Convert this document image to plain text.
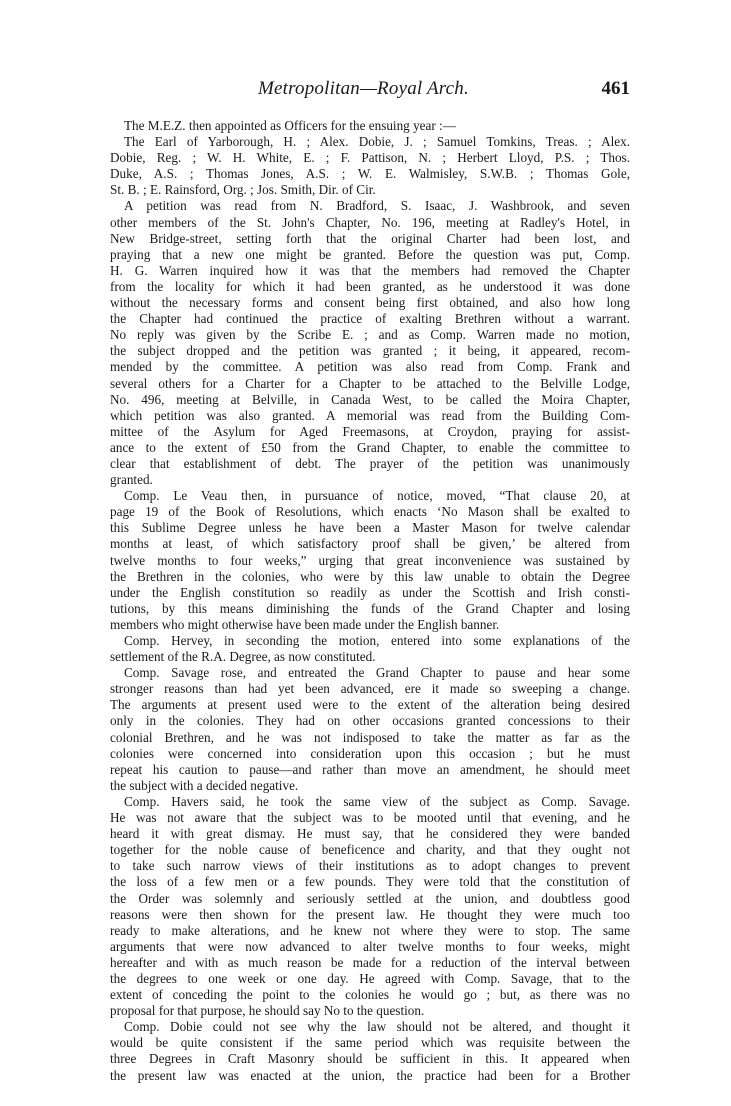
Metropolitan—Royal Arch.	461
The M.E.Z. then appointed as Officers for the ensuing year :—
The Earl of Yarborough, H. ; Alex. Dobie, J. ; Samuel Tomkins, Treas. ; Alex.
Dobie, Reg. ; W. H. White, E. ; F. Pattison, N. ; Herbert Lloyd, P.S. ; Thos.
Duke, A.S. ; Thomas Jones, A.S. ; W. E. Walmisley, S.W.B. ; Thomas Gole,
St. B. ; E. Rainsford, Org. ; Jos. Smith, Dir. of Cir.
A petition was read from N. Bradford, S. Isaac, J. Washbrook, and seven
other members of the St. John's Chapter, No. 196, meeting at Radley's Hotel, in
New Bridge-street, setting forth that the original Charter had been lost, and
praying that a new one might be granted. Before the question was put, Comp.
H. G. Warren inquired how it was that the members had removed the Chapter
from the locality for which it had been granted, as he understood it was done
without the necessary forms and consent being first obtained, and also how long
the Chapter had continued the practice of exalting Brethren without a warrant.
No reply was given by the Scribe E. ; and as Comp. Warren made no motion,
the subject dropped and the petition was granted ; it being, it appeared, recom-
mended by the committee. A petition was also read from Comp. Frank and
several others for a Charter for a Chapter to be attached to the Belville Lodge,
No. 496, meeting at Belville, in Canada West, to be called the Moira Chapter,
which petition was also granted. A memorial was read from the Building Com-
mittee of the Asylum for Aged Freemasons, at Croydon, praying for assist-
ance to the extent of £50 from the Grand Chapter, to enable the committee to
clear that establishment of debt. The prayer of the petition was unanimously
granted.
Comp. Le Veau then, in pursuance of notice, moved, “That clause 20, at
page 19 of the Book of Resolutions, which enacts ‘No Mason shall be exalted to
this Sublime Degree unless he have been a Master Mason for twelve calendar
months at least, of which satisfactory proof shall be given,’ be altered from
twelve months to four weeks,” urging that great inconvenience was sustained by
the Brethren in the colonies, who were by this law unable to obtain the Degree
under the English constitution so readily as under the Scottish and Irish consti-
tutions, by this means diminishing the funds of the Grand Chapter and losing
members who might otherwise have been made under the English banner.
Comp. Hervey, in seconding the motion, entered into some explanations of the
settlement of the R.A. Degree, as now constituted.
Comp. Savage rose, and entreated the Grand Chapter to pause and hear some
stronger reasons than had yet been advanced, ere it made so sweeping a change.
The arguments at present used were to the extent of the alteration being desired
only in the colonies. They had on other occasions granted concessions to their
colonial Brethren, and he was not indisposed to take the matter as far as the
colonies were concerned into consideration upon this occasion ; but he must
repeat his caution to pause—and rather than move an amendment, he should meet
the subject with a decided negative.
Comp. Havers said, he took the same view of the subject as Comp. Savage.
He was not aware that the subject was to be mooted until that evening, and he
heard it with great dismay. He must say, that he considered they were banded
together for the noble cause of beneficence and charity, and that they ought not
to take such narrow views of their institutions as to adopt changes to prevent
the loss of a few men or a few pounds. They were told that the constitution of
the Order was solemnly and seriously settled at the union, and doubtless good
reasons were then shown for the present law. He thought they were much too
ready to make alterations, and he knew not where they were to stop. The same
arguments that were now advanced to alter twelve months to four weeks, might
hereafter and with as much reason be made for a reduction of the interval between
the degrees to one week or one day. He agreed with Comp. Savage, that to the
extent of conceding the point to the colonies he would go ; but, as there was no
proposal for that purpose, he should say No to the question.
Comp. Dobie could not see why the law should not be altered, and thought it
would be quite consistent if the same period which was requisite between the
three Degrees in Craft Masonry should be sufficient in this. It appeared when
the present law was enacted at the union, the practice had been for a Brother
